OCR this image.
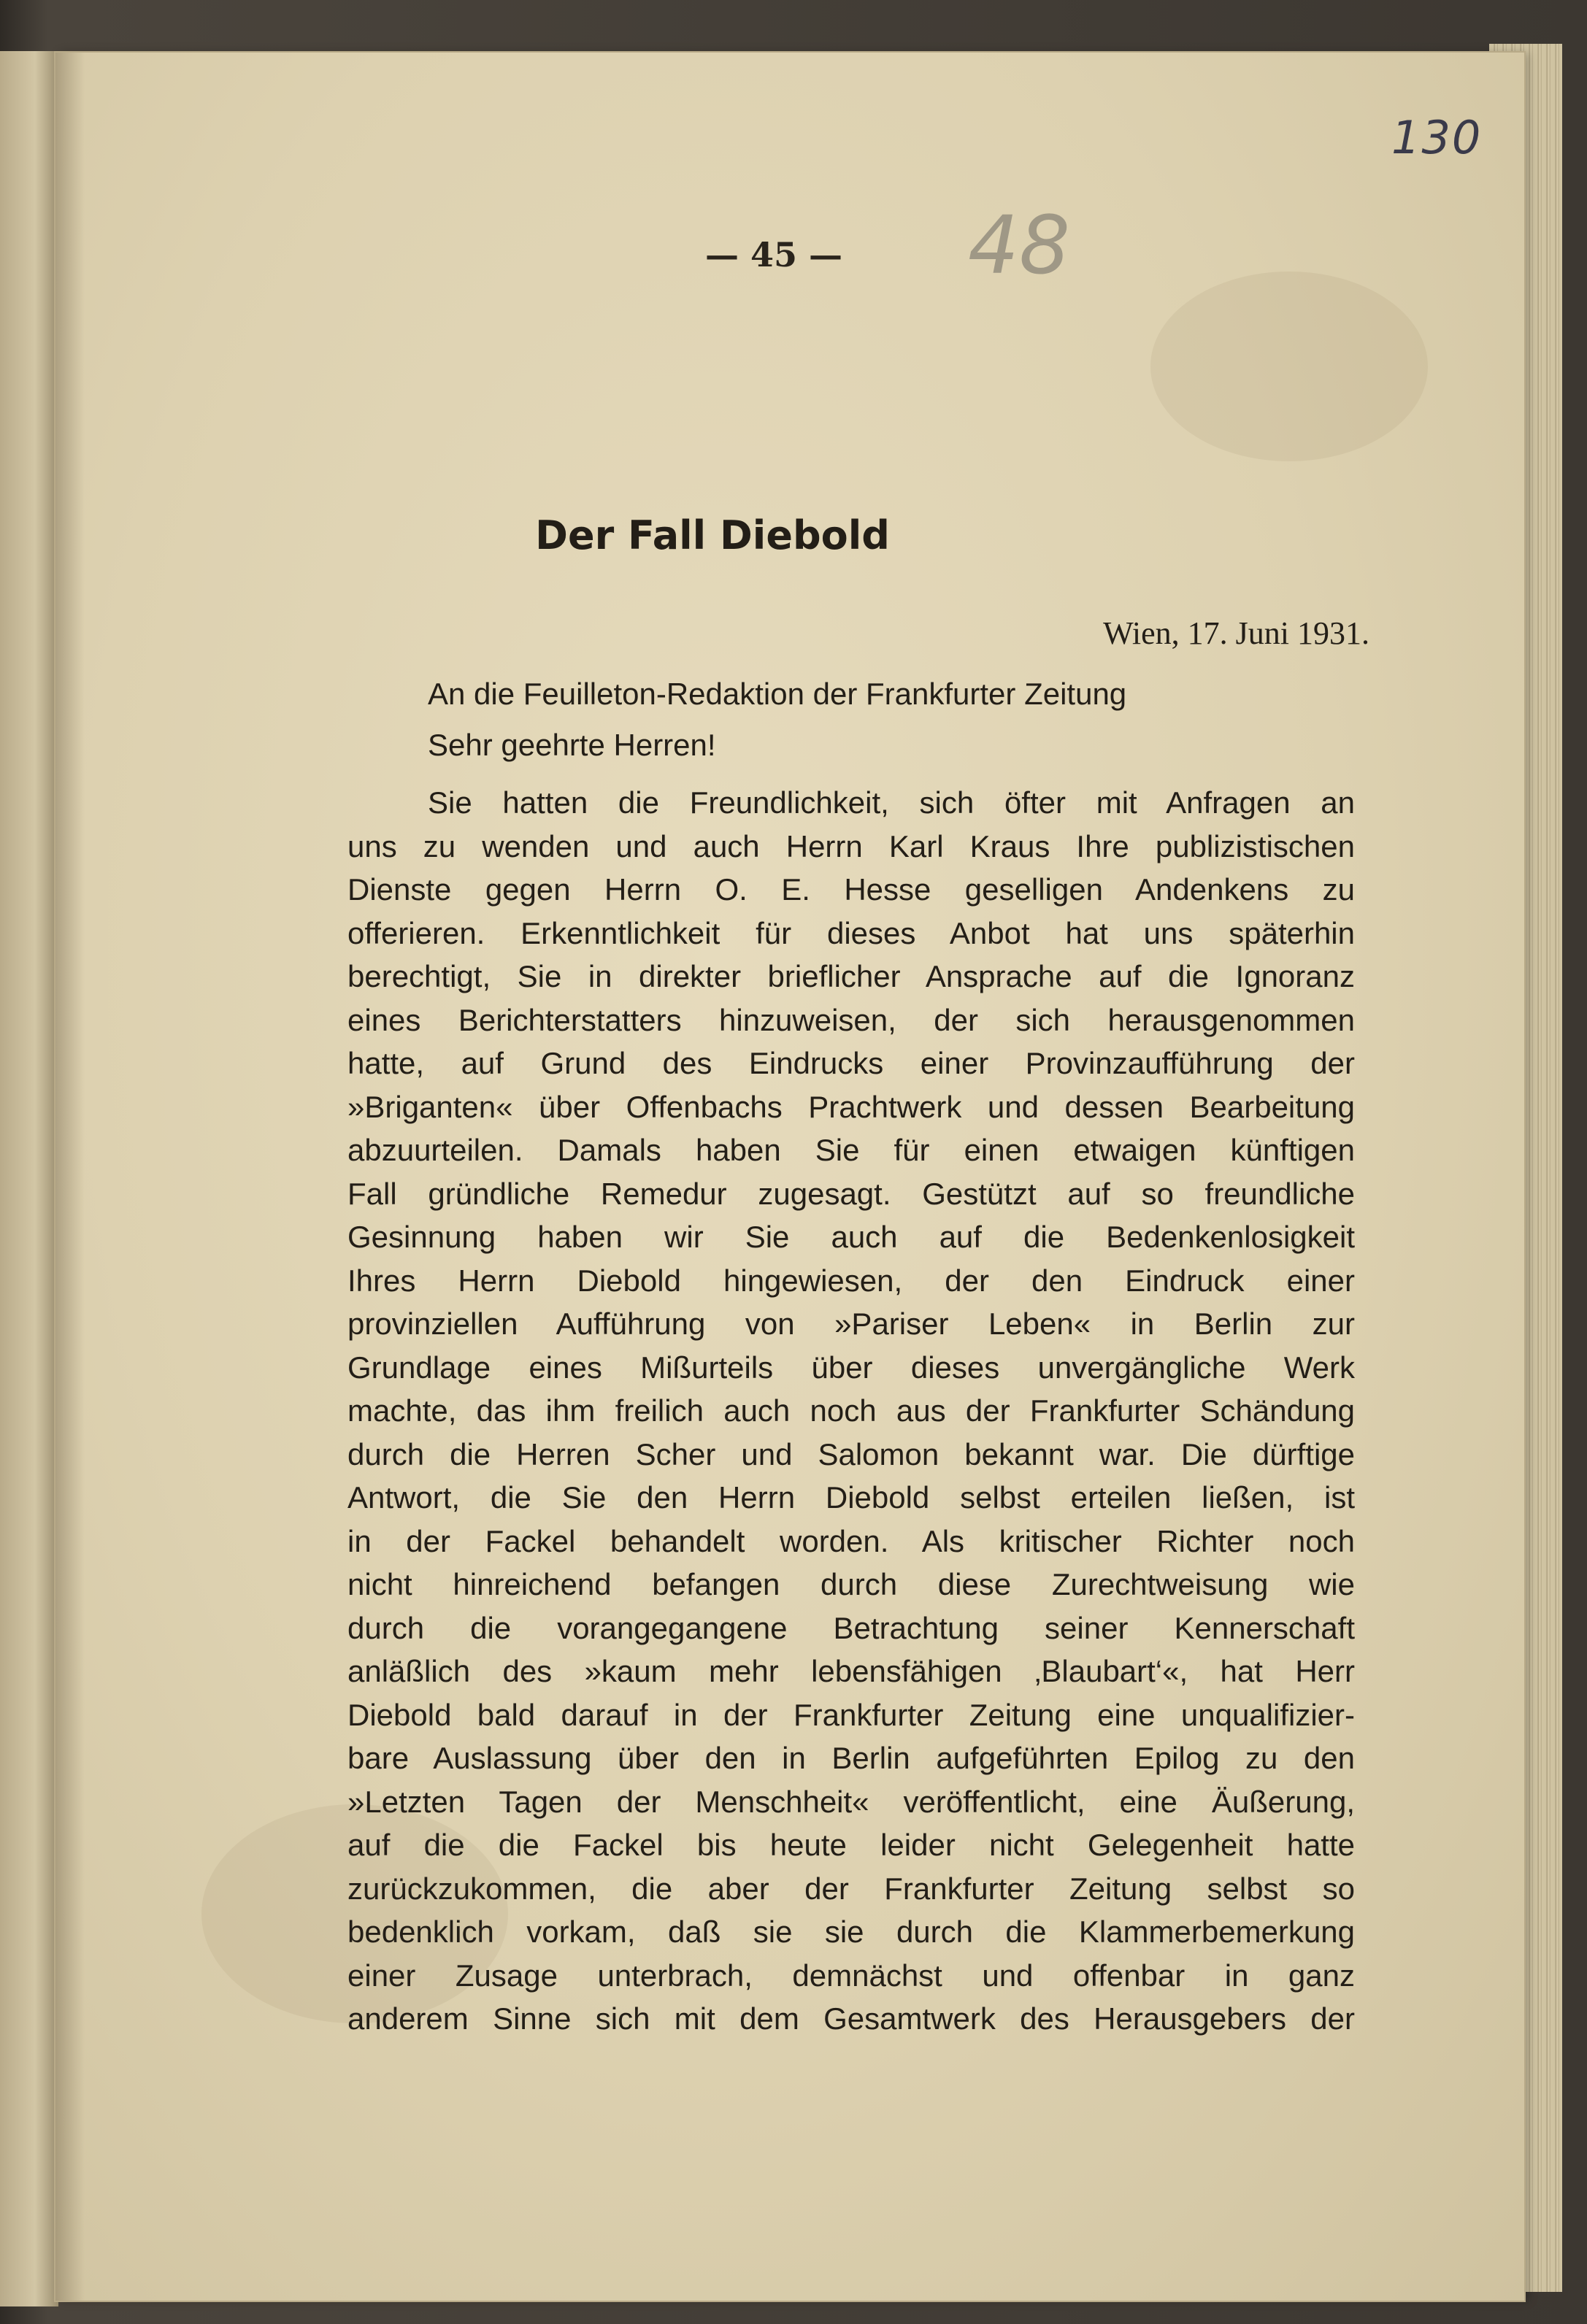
130
48
— 45 —
Der Fall Diebold
Wien, 17. Juni 1931.
An die Feuilleton-Redaktion der Frankfurter Zeitung
Sehr geehrte Herren!
Sie hatten die Freundlichkeit, sich öfter mit Anfragen an
uns zu wenden und auch Herrn Karl Kraus Ihre publizistischen
Dienste gegen Herrn O. E. Hesse geselligen Andenkens zu
offerieren. Erkenntlichkeit für dieses Anbot hat uns späterhin
berechtigt, Sie in direkter brieflicher Ansprache auf die Ignoranz
eines Berichterstatters hinzuweisen, der sich herausgenommen
hatte, auf Grund des Eindrucks einer Provinzaufführung der
»Briganten« über Offenbachs Prachtwerk und dessen Bearbeitung
abzuurteilen. Damals haben Sie für einen etwaigen künftigen
Fall gründliche Remedur zugesagt. Gestützt auf so freundliche
Gesinnung haben wir Sie auch auf die Bedenkenlosigkeit
Ihres Herrn Diebold hingewiesen, der den Eindruck einer
provinziellen Aufführung von »Pariser Leben« in Berlin zur
Grundlage eines Mißurteils über dieses unvergängliche Werk
machte, das ihm freilich auch noch aus der Frankfurter Schändung
durch die Herren Scher und Salomon bekannt war. Die dürftige
Antwort, die Sie den Herrn Diebold selbst erteilen ließen, ist
in der Fackel behandelt worden. Als kritischer Richter noch
nicht hinreichend befangen durch diese Zurechtweisung wie
durch die vorangegangene Betrachtung seiner Kennerschaft
anläßlich des »kaum mehr lebensfähigen ‚Blaubart‘«, hat Herr
Diebold bald darauf in der Frankfurter Zeitung eine unqualifizier-
bare Auslassung über den in Berlin aufgeführten Epilog zu den
»Letzten Tagen der Menschheit« veröffentlicht, eine Äußerung,
auf die die Fackel bis heute leider nicht Gelegenheit hatte
zurückzukommen, die aber der Frankfurter Zeitung selbst so
bedenklich vorkam, daß sie sie durch die Klammerbemerkung
einer Zusage unterbrach, demnächst und offenbar in ganz
anderem Sinne sich mit dem Gesamtwerk des Herausgebers der
